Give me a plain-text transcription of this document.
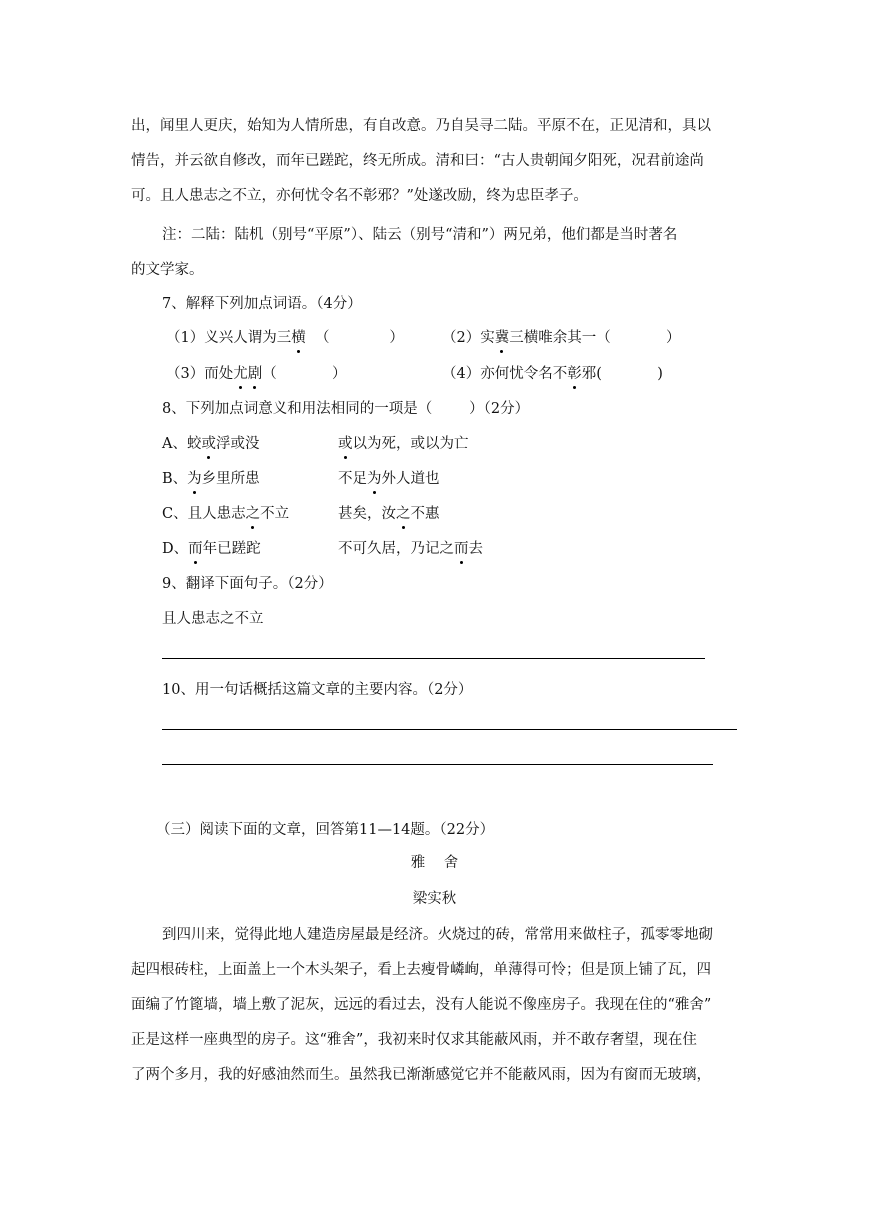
出，闻里人更庆，始知为人情所患，有自改意。乃自吴寻二陆。平原不在，正见清和，具以
情告，并云欲自修改，而年已蹉跎，终无所成。清和曰：“古人贵朝闻夕阳死，况君前途尚
可。且人患志之不立，亦何忧令名不彰邪？”处遂改励，终为忠臣孝子。
注：二陆：陆机（别号“平原”）、陆云（别号“清和”）两兄弟，他们都是当时著名
的文学家。
7、解释下列加点词语。（4分）
（1）义兴人谓为三横  （             ）	（2）实冀三横唯余其一（            ）
（3）而处尤剧（            ）	（4）亦何忧令名不彰邪(            )
8、下列加点词意义和用法相同的一项是（        ）（2分）
A、蛟或浮或没	或以为死，或以为亡
B、为乡里所患	不足为外人道也
C、且人患志之不立	甚矣，汝之不惠
D、而年已蹉跎	不可久居，乃记之而去
9、翻译下面句子。（2分）
且人患志之不立
10、用一句话概括这篇文章的主要内容。（2分）
（三）阅读下面的文章，回答第11—14题。（22分）
雅    舍
梁实秋
到四川来，觉得此地人建造房屋最是经济。火烧过的砖，常常用来做柱子，孤零零地砌
起四根砖柱，上面盖上一个木头架子，看上去瘦骨嶙峋，单薄得可怜；但是顶上铺了瓦，四
面编了竹篦墙，墙上敷了泥灰，远远的看过去，没有人能说不像座房子。我现在住的“雅舍”
正是这样一座典型的房子。这“雅舍”，我初来时仅求其能蔽风雨，并不敢存奢望，现在住
了两个多月，我的好感油然而生。虽然我已渐渐感觉它并不能蔽风雨，因为有窗而无玻璃，
